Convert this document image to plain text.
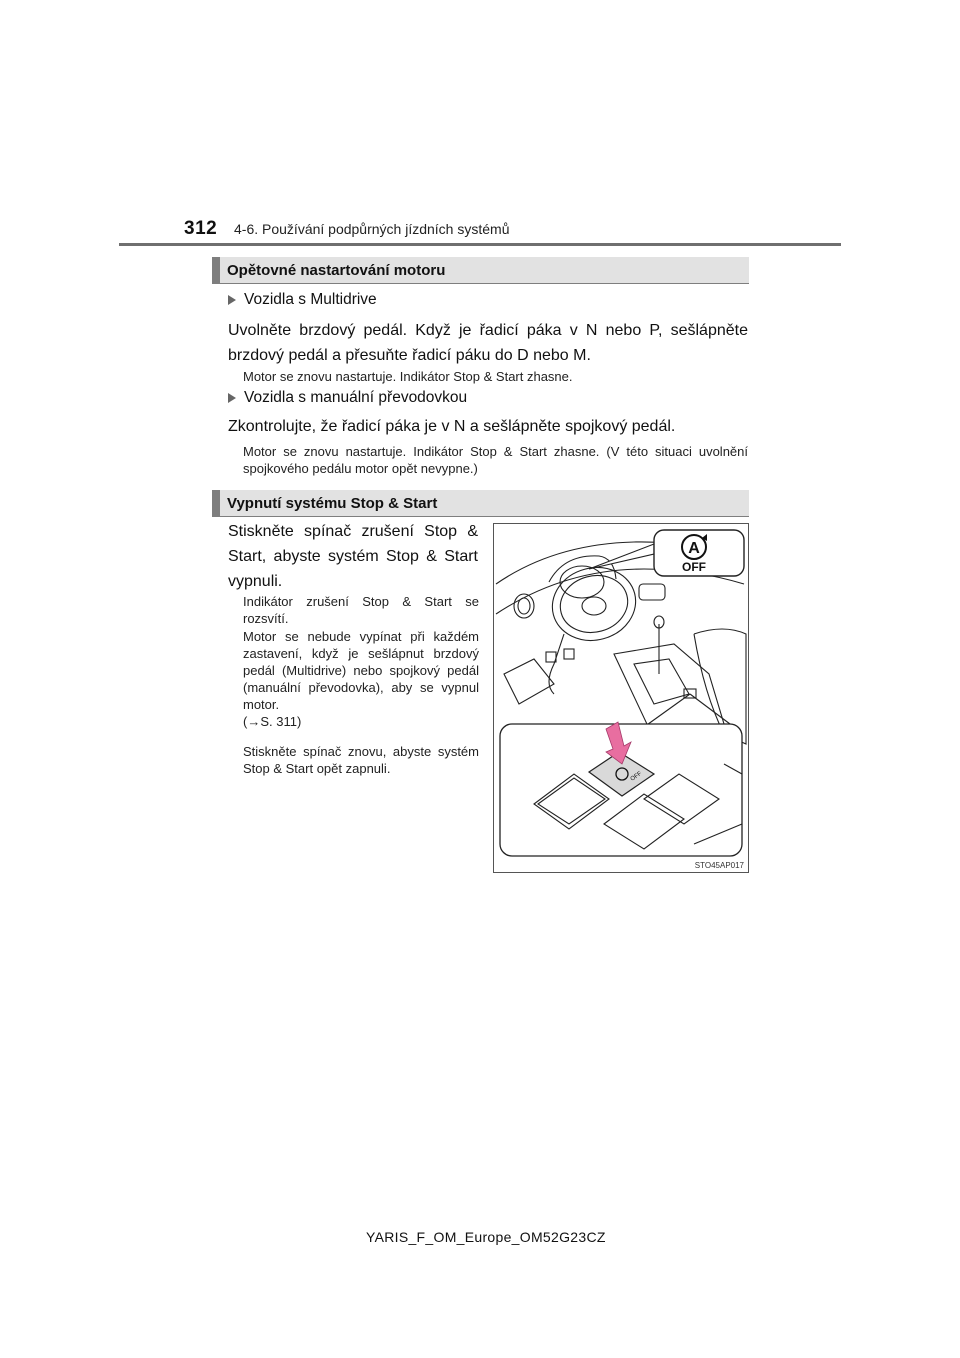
312 4-6. Používání podpůrných jízdních systémů
Opětovné nastartování motoru
Vozidla s Multidrive
Uvolněte brzdový pedál. Když je řadicí páka v N nebo P, sešlápněte brzdový pedál a přesuňte řadicí páku do D nebo M.
Motor se znovu nastartuje. Indikátor Stop & Start zhasne.
Vozidla s manuální převodovkou
Zkontrolujte, že řadicí páka je v N a sešlápněte spojkový pedál.
Motor se znovu nastartuje. Indikátor Stop & Start zhasne. (V této situaci uvolnění spojkového pedálu motor opět nevypne.)
Vypnutí systému Stop & Start
Stiskněte spínač zrušení Stop & Start, abyste systém Stop & Start vypnuli.
Indikátor zrušení Stop & Start se rozsvítí.
Motor se nebude vypínat při každém zastavení, když je sešlápnut brzdový pedál (Multidrive) nebo spojkový pedál (manuální převodovka), aby se vypnul motor.
(→S. 311)
Stiskněte spínač znovu, abyste systém Stop & Start opět zapnuli.
A
OFF
OFF
STO45AP017
YARIS_F_OM_Europe_OM52G23CZ
